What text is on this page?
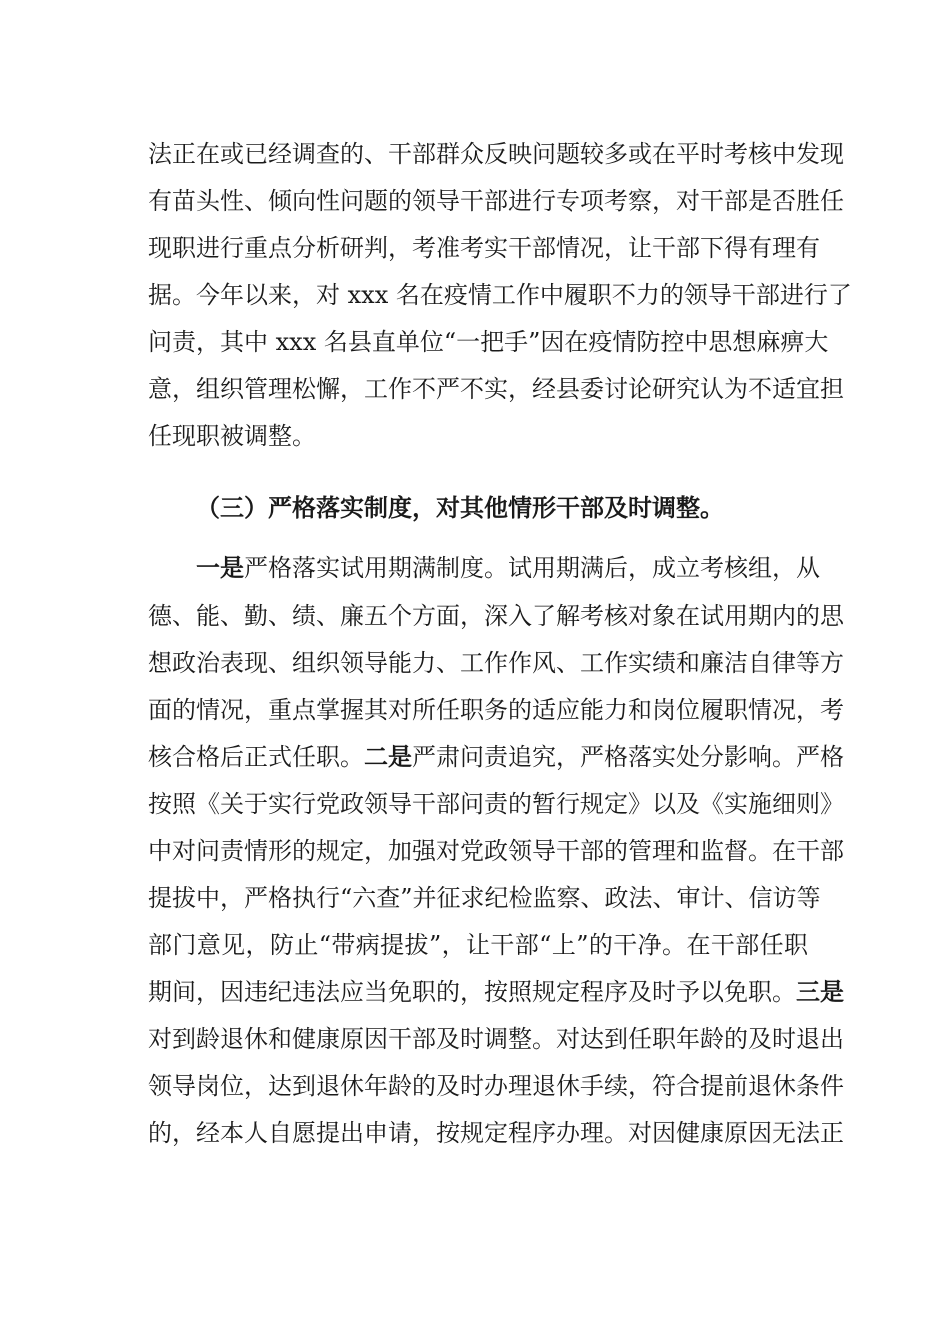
法正在或已经调查的、干部群众反映问题较多或在平时考核中发现
有苗头性、倾向性问题的领导干部进行专项考察，对干部是否胜任
现职进行重点分析研判，考准考实干部情况，让干部下得有理有
据。今年以来，对 xxx 名在疫情工作中履职不力的领导干部进行了
问责，其中 xxx 名县直单位“一把手”因在疫情防控中思想麻痹大
意，组织管理松懈，工作不严不实，经县委讨论研究认为不适宜担
任现职被调整。
（三）严格落实制度，对其他情形干部及时调整。
一是严格落实试用期满制度。试用期满后，成立考核组，从
德、能、勤、绩、廉五个方面，深入了解考核对象在试用期内的思
想政治表现、组织领导能力、工作作风、工作实绩和廉洁自律等方
面的情况，重点掌握其对所任职务的适应能力和岗位履职情况，考
核合格后正式任职。二是严肃问责追究，严格落实处分影响。严格
按照《关于实行党政领导干部问责的暂行规定》以及《实施细则》
中对问责情形的规定，加强对党政领导干部的管理和监督。在干部
提拔中，严格执行“六查”并征求纪检监察、政法、审计、信访等
部门意见，防止“带病提拔”，让干部“上”的干净。在干部任职
期间，因违纪违法应当免职的，按照规定程序及时予以免职。三是
对到龄退休和健康原因干部及时调整。对达到任职年龄的及时退出
领导岗位，达到退休年龄的及时办理退休手续，符合提前退休条件
的，经本人自愿提出申请，按规定程序办理。对因健康原因无法正
